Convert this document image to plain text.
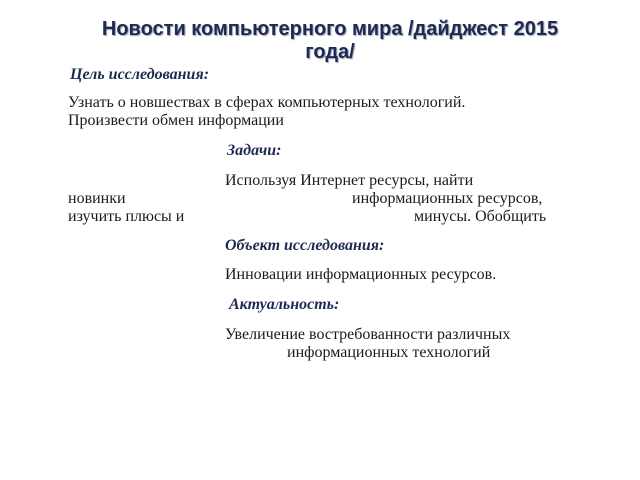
Новости компьютерного мира /дайджест 2015
года/

Цель исследования:

Узнать о новшествах в сферах компьютерных технологий.

Произвести обмен информации

Задачи:

Используя Интернет ресурсы, найти

новинки	информационных ресурсов,

изучить плюсы и	минусы. Обобщить

Объект исследования:

Инновации информационных ресурсов.

Актуальность:

Увеличение востребованности различных

информационных технологий
